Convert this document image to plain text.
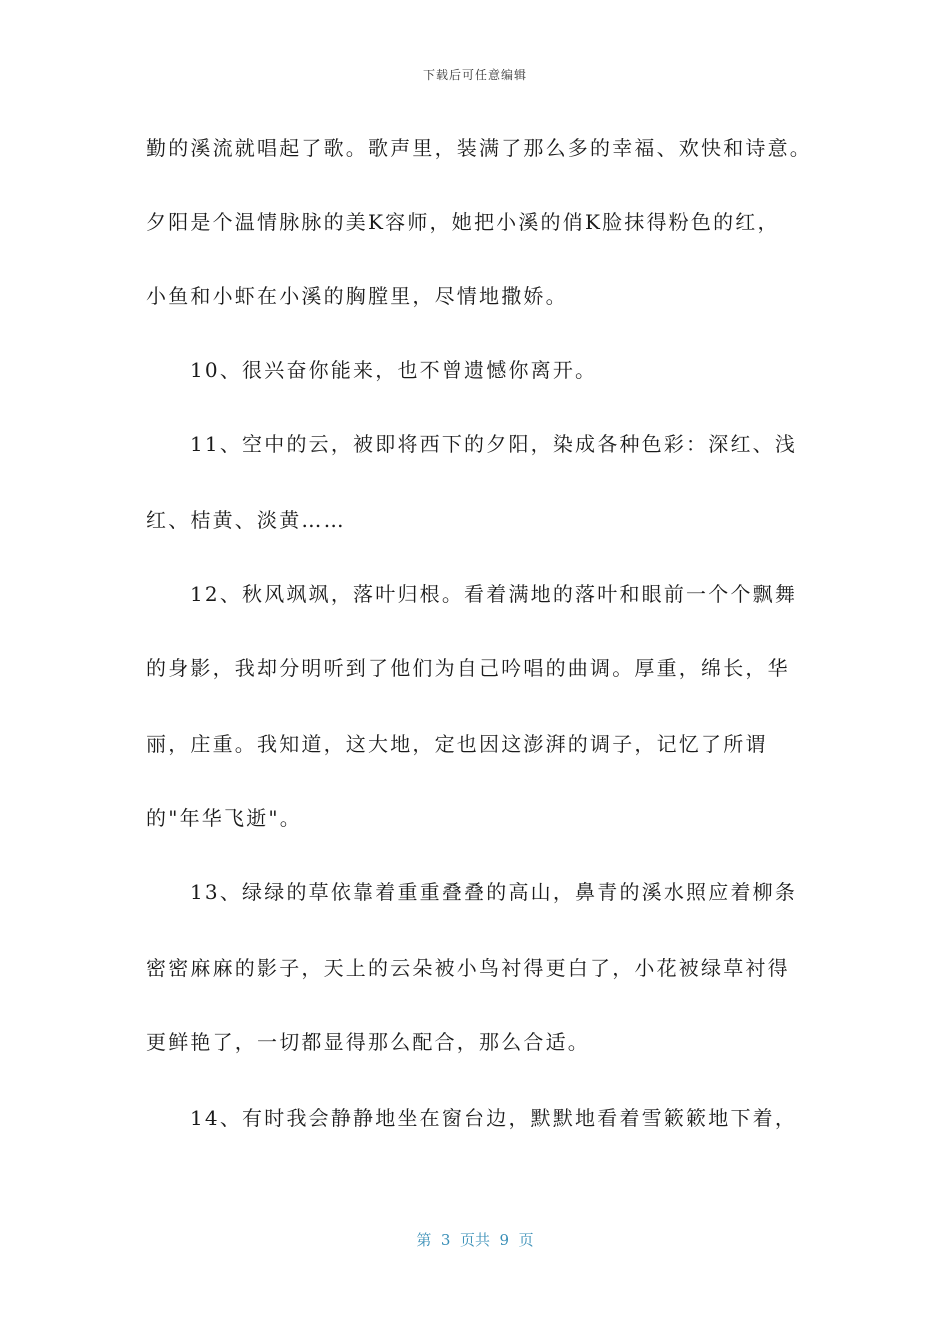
下载后可任意编辑
勤的溪流就唱起了歌。歌声里，装满了那么多的幸福、欢快和诗意。
夕阳是个温情脉脉的美K容师，她把小溪的俏K脸抹得粉色的红，
小鱼和小虾在小溪的胸膛里，尽情地撒娇。
10、很兴奋你能来，也不曾遗憾你离开。
11、空中的云，被即将西下的夕阳，染成各种色彩：深红、浅
红、桔黄、淡黄……
12、秋风飒飒，落叶归根。看着满地的落叶和眼前一个个飘舞
的身影，我却分明听到了他们为自己吟唱的曲调。厚重，绵长，华
丽，庄重。我知道，这大地，定也因这澎湃的调子，记忆了所谓
的"年华飞逝"。
13、绿绿的草依靠着重重叠叠的高山，鼻青的溪水照应着柳条
密密麻麻的影子，天上的云朵被小鸟衬得更白了，小花被绿草衬得
更鲜艳了，一切都显得那么配合，那么合适。
14、有时我会静静地坐在窗台边，默默地看着雪簌簌地下着，
第  3  页共  9  页
